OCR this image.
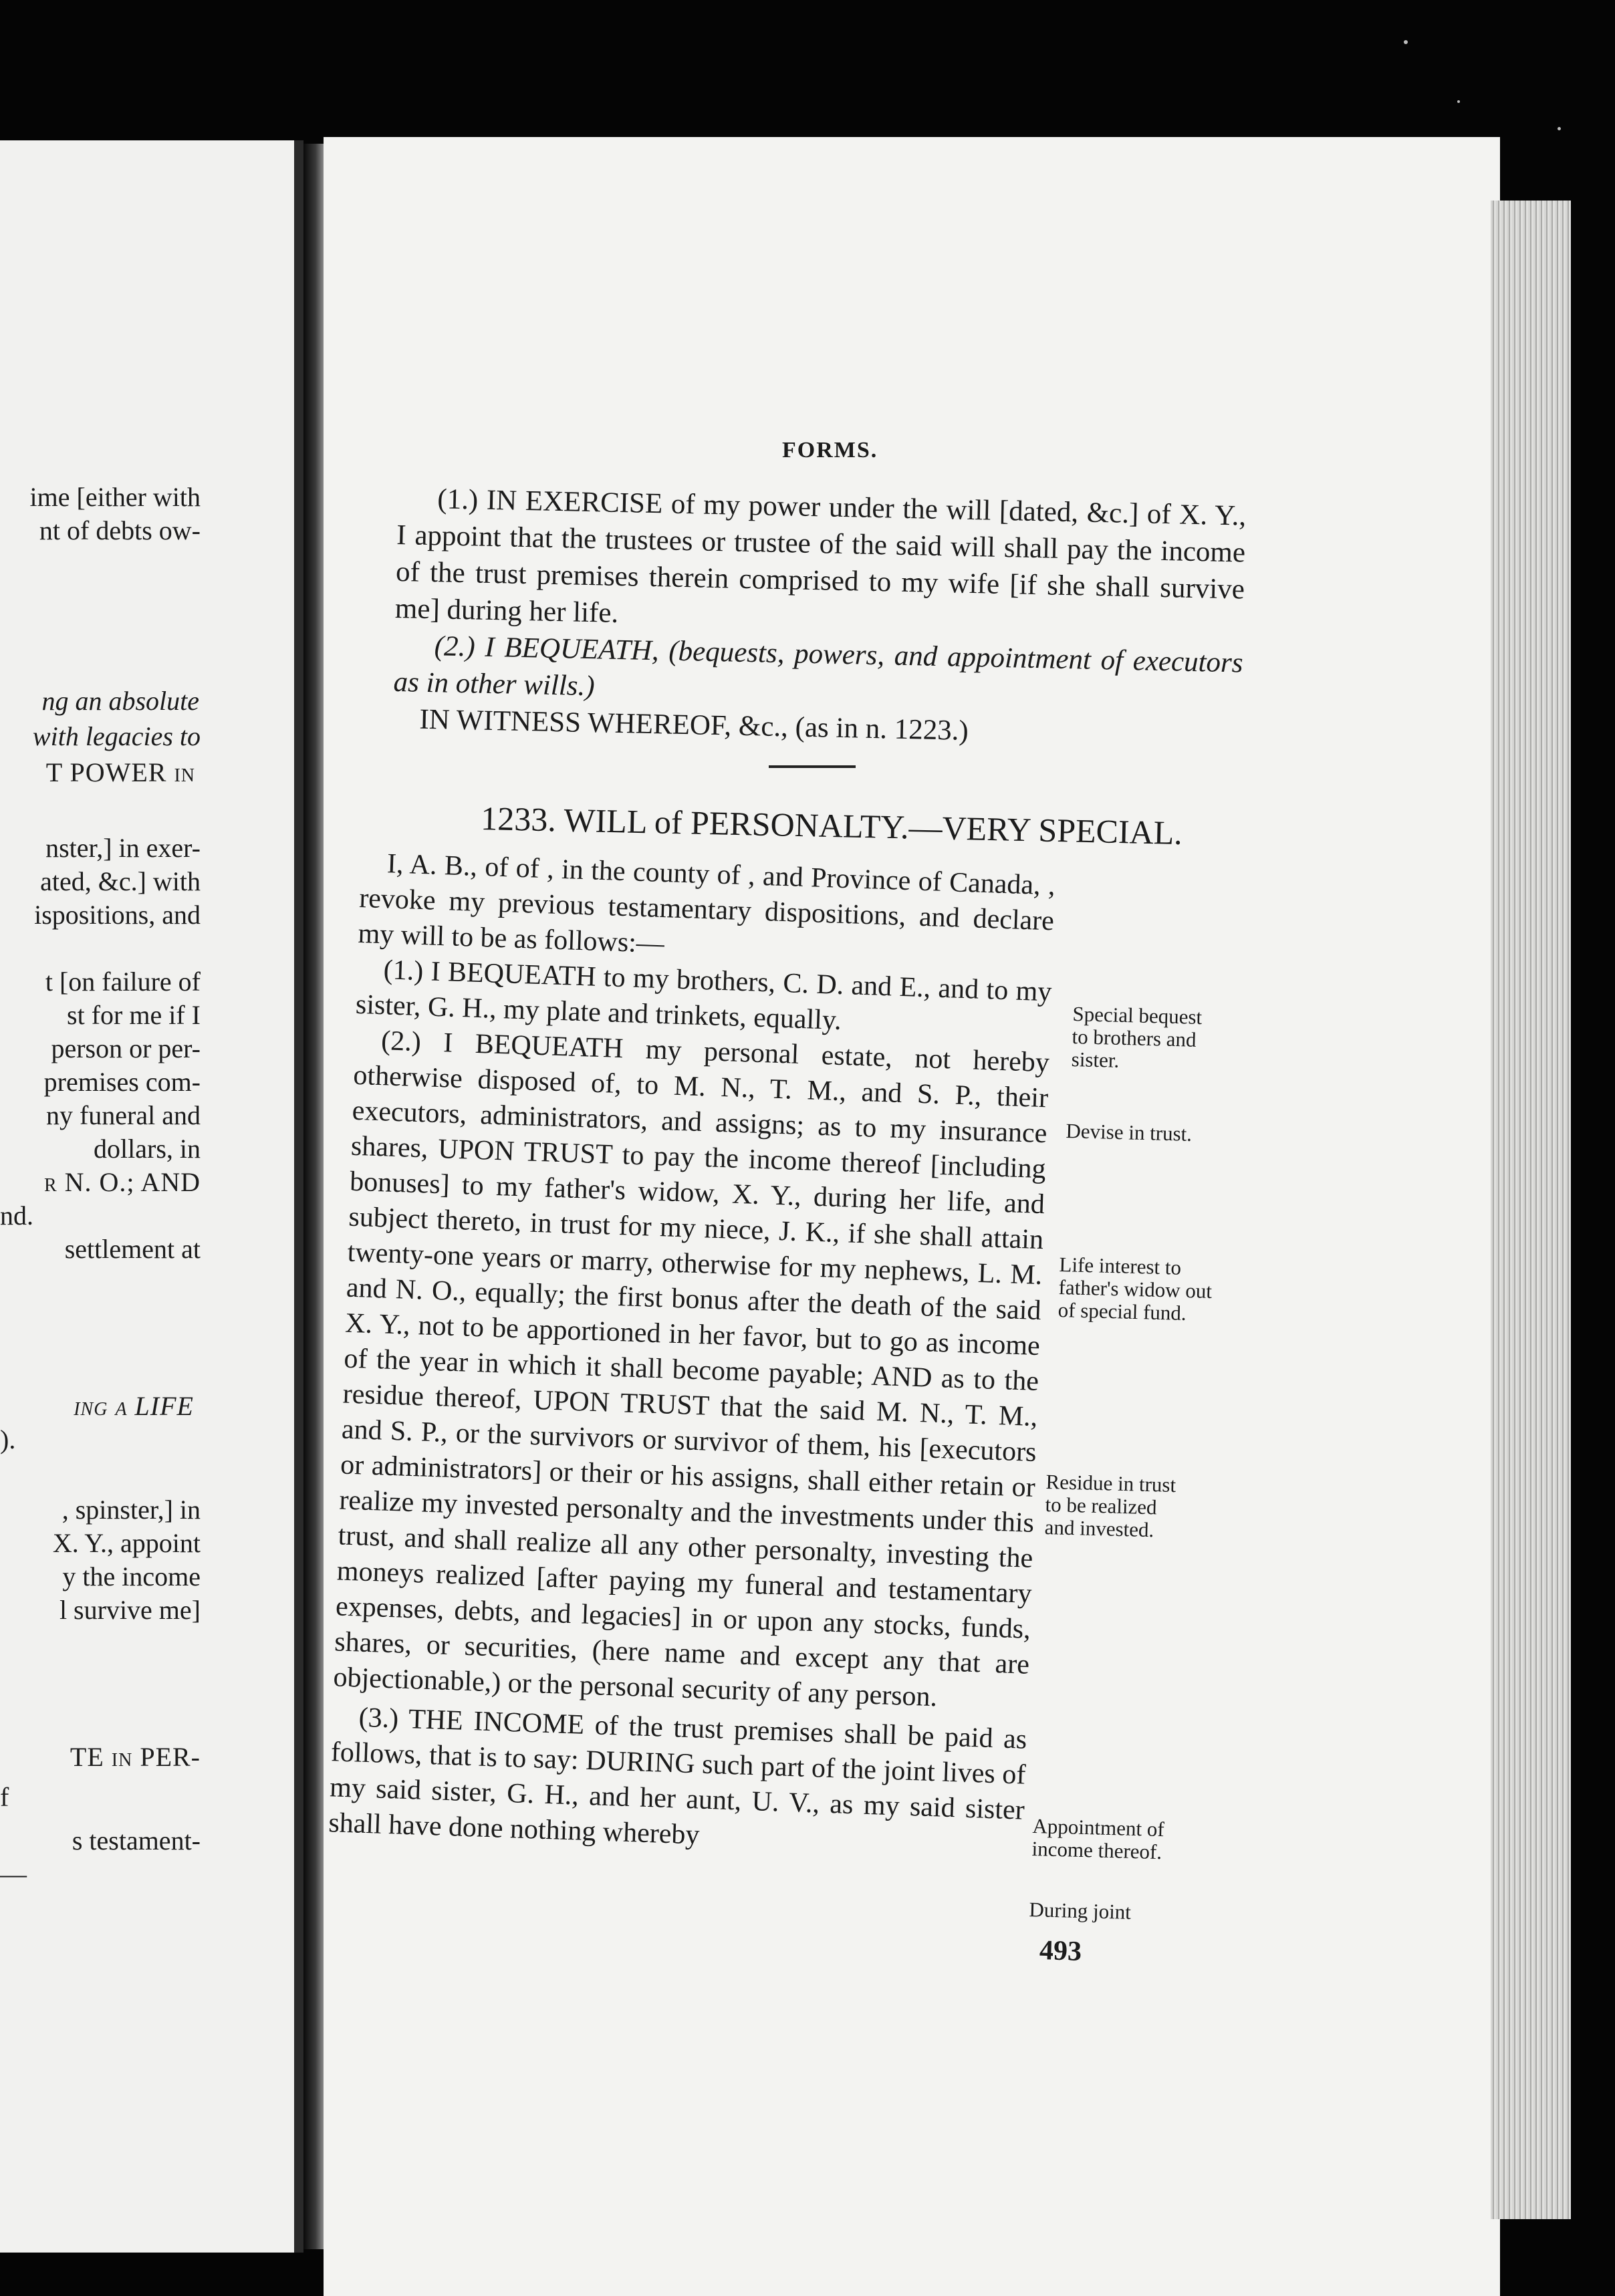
ime [either with
nt of debts ow-
ng an absolute
with legacies to
T POWER in
nster,] in exer-
ated, &c.] with
ispositions, and
t [on failure of
st for me if I
person or per-
premises com-
ny funeral and
dollars, in
r N. O.; AND
nd.
settlement at
ing a LIFE
).
, spinster,] in
X. Y., appoint
y the income
l survive me]
TE in PER-
f
s testament-
—
FORMS.

(1.) IN EXERCISE of my power under the will [dated, &c.] of X. Y., I appoint that the trustees or trustee of the said will shall pay the income of the trust premises therein comprised to my wife [if she shall survive me] during her life.

(2.) I BEQUEATH, (bequests, powers, and appointment of executors as in other wills.)

IN WITNESS WHEREOF, &c., (as in n. 1223.)

1233. WILL of PERSONALTY.—VERY SPECIAL.

I, A. B., of of , in the county of , and Province of Canada, , revoke my previous testamentary dispositions, and declare my will to be as follows:—

(1.) I BEQUEATH to my brothers, C. D. and E., and to my sister, G. H., my plate and trinkets, equally.

(2.) I BEQUEATH my personal estate, not hereby otherwise disposed of, to M. N., T. M., and S. P., their executors, administrators, and assigns; as to my insurance shares, UPON TRUST to pay the income thereof [including bonuses] to my father's widow, X. Y., during her life, and subject thereto, in trust for my niece, J. K., if she shall attain twenty-one years or marry, otherwise for my nephews, L. M. and N. O., equally; the first bonus after the death of the said X. Y., not to be apportioned in her favor, but to go as income of the year in which it shall become payable; AND as to the residue thereof, UPON TRUST that the said M. N., T. M., and S. P., or the survivors or survivor of them, his [executors or administrators] or their or his assigns, shall either retain or realize my invested personalty and the investments under this trust, and shall realize all any other personalty, investing the moneys realized [after paying my funeral and testamentary expenses, debts, and legacies] in or upon any stocks, funds, shares, or securities, (here name and except any that are objectionable,) or the personal security of any person.

(3.) THE INCOME of the trust premises shall be paid as follows, that is to say: DURING such part of the joint lives of my said sister, G. H., and her aunt, U. V., as my said sister shall have done nothing whereby

Special bequest to brothers and sister.
Devise in trust.
Life interest to father's widow out of special fund.
Residue in trust to be realized and invested.
Appointment of income thereof.
During joint
493
